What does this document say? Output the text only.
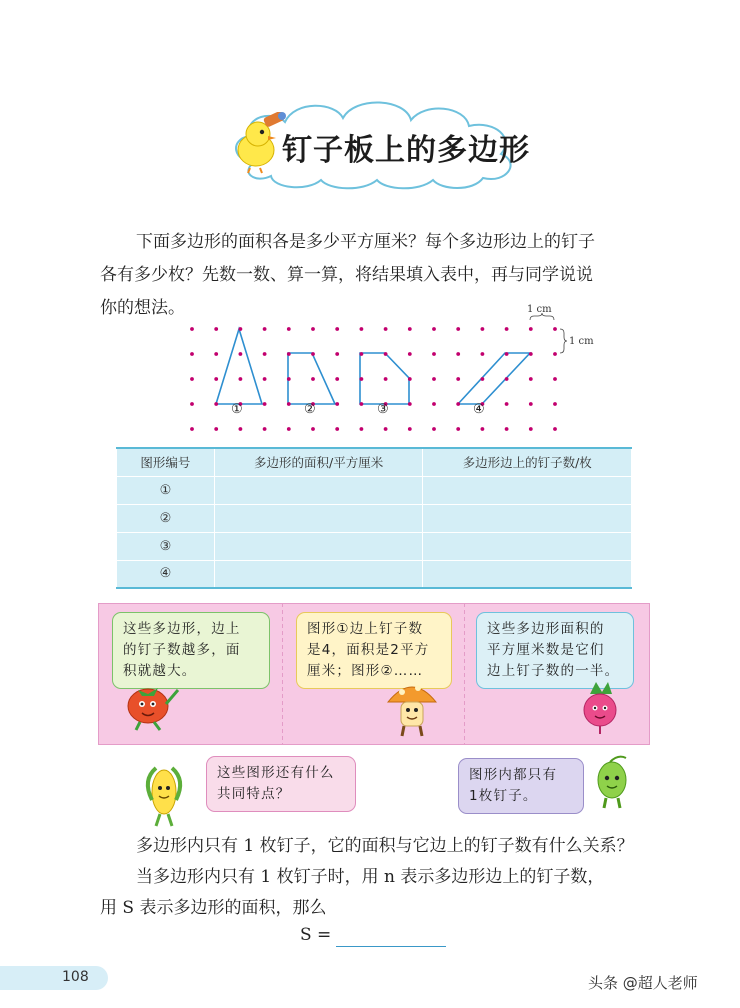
钉子板上的多边形
下面多边形的面积各是多少平方厘米？每个多边形边上的钉子
各有多少枚？先数一数、算一算，将结果填入表中，再与同学说说
你的想法。	1 cm
1 cm
①	②	③	④
图形编号	多边形的面积/平方厘米	多边形边上的钉子数/枚
①		
②		
③		
④		
这些多边形，边上
的钉子数越多，面
积就越大。
图形①边上钉子数
是4，面积是2平方
厘米；图形②……
这些多边形面积的
平方厘米数是它们
边上钉子数的一半。
这些图形还有什么
共同特点？
图形内都只有
1枚钉子。
多边形内只有 1 枚钉子，它的面积与它边上的钉子数有什么关系？
当多边形内只有 1 枚钉子时，用 n 表示多边形边上的钉子数，
用 S 表示多边形的面积，那么
S =
108	头条 @超人老师
